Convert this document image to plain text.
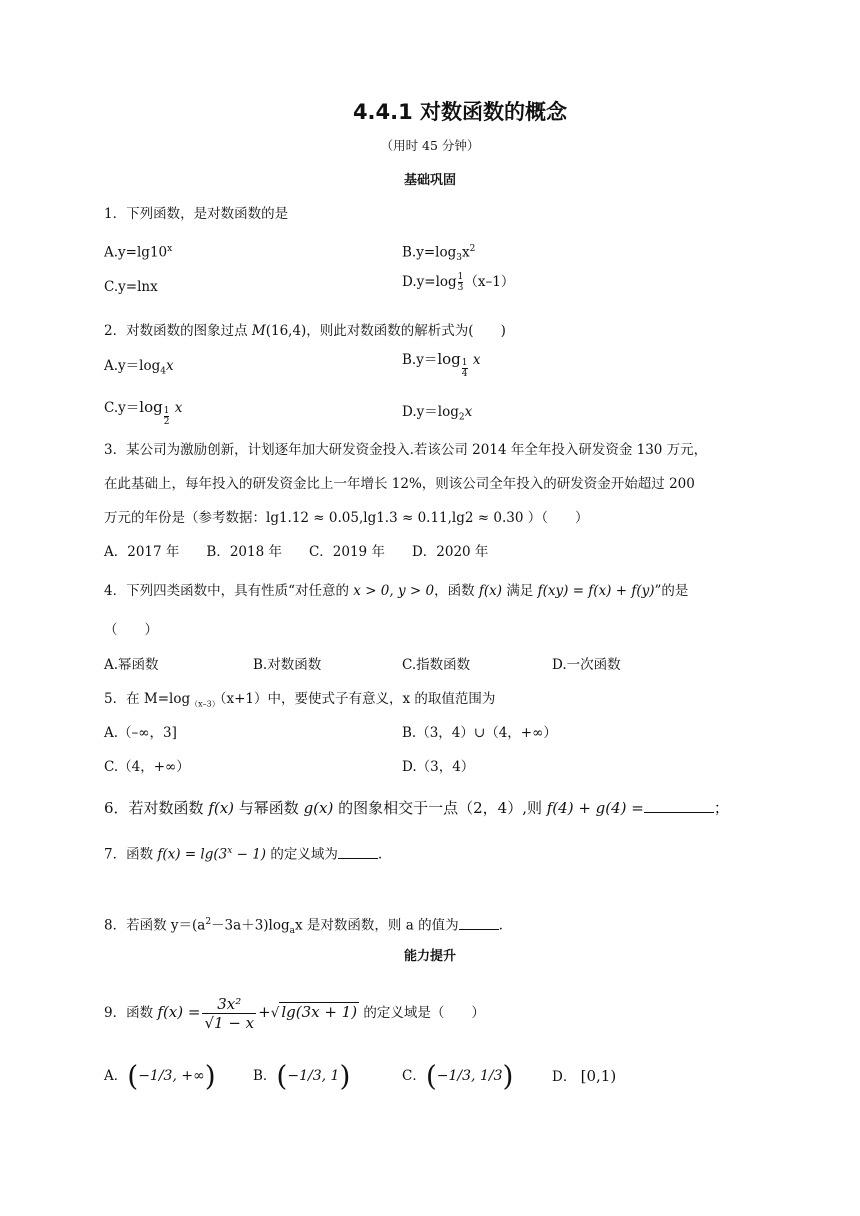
4.4.1 对数函数的概念
（用时 45 分钟）
基础巩固
1．下列函数，是对数函数的是
$A.y=\lg 10^x$	$B.y=\log_3x^2$
C.y=lnx	$D.y=\log \frac{1}{3} (x-1)$
2．对数函数的图象过点 M(16,4)，则此对数函数的解析式为(　　)
$A.y=\log_4x$	$B.y=\log \frac{1}{4}$ x
$C.y=\log \frac{1}{2}$ x	$D.y=\log_2x$
3．某公司为激励创新，计划逐年加大研发资金投入.若该公司 2014 年全年投入研发资金 130 万元，
在此基础上，每年投入的研发资金比上一年增长 12%，则该公司全年投入的研发资金开始超过 200
万元的年份是（参考数据：lg1.12 ≈ 0.05,lg1.3 ≈ 0.11,lg2 ≈ 0.30 ）（　　）
A．2017 年　　B．2018 年　　C．2019 年　　D．2020 年
4．下列四类函数中，具有性质“对任意的 x > 0, y > 0，函数 f(x) 满足 f(xy) = f(x) + f(y)”的是
（　　）
A.幂函数	B.对数函数	C.指数函数	D.一次函数
5．在 $M=\log_{(x-3)}(x+1)$中，要使式子有意义，x 的取值范围为
A.（–∞，3]	B.（3，4）∪（4，+∞）
C.（4，+∞）	D.（3，4）
6．若对数函数 f(x) 与幂函数 g(x) 的图象相交于一点（2，4）,则 f(4) + g(4) =	；
7．函数 $f(x) = \lg(3^x - 1)$ 的定义域为	.
8．若函数 $y=(a^2-3a+3)\log_ax$ 是对数函数，则 a 的值为	.
能力提升
9．函数 $f(x) = \frac{\text{3x²}}{√1 - x}$ +√ lg(3x + 1) 的定义域是（　　）
A．(−1/3, +∞)	B．(−1/3, 1)	C．(−1/3, 1/3)	D． [0,1)
